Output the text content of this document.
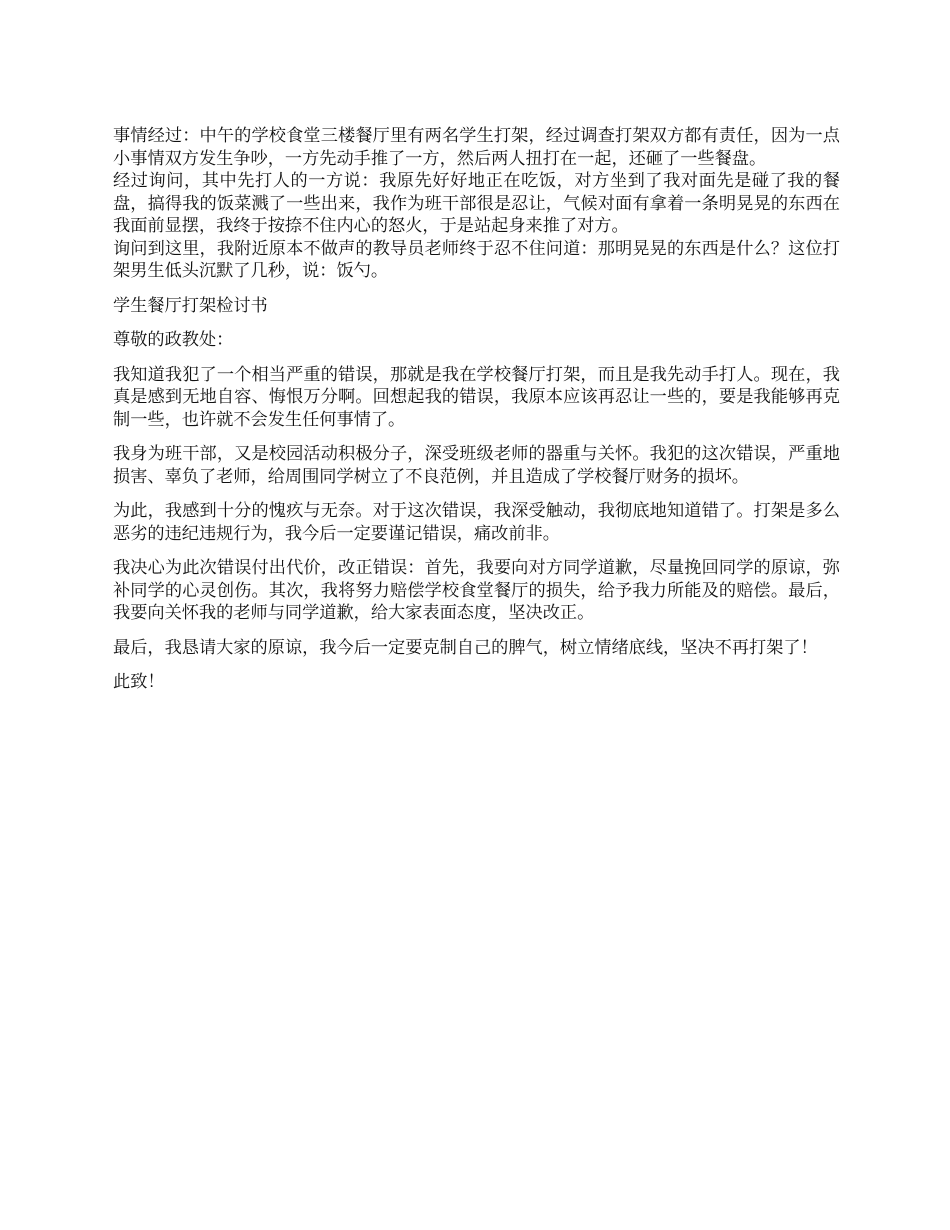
事情经过：中午的学校食堂三楼餐厅里有两名学生打架，经过调查打架双方都有责任，因为一点小事情双方发生争吵，一方先动手推了一方，然后两人扭打在一起，还砸了一些餐盘。

经过询问，其中先打人的一方说：我原先好好地正在吃饭，对方坐到了我对面先是碰了我的餐盘，搞得我的饭菜溅了一些出来，我作为班干部很是忍让，气候对面有拿着一条明晃晃的东西在我面前显摆，我终于按捺不住内心的怒火，于是站起身来推了对方。

询问到这里，我附近原本不做声的教导员老师终于忍不住问道：那明晃晃的东西是什么？这位打架男生低头沉默了几秒，说：饭勺。

学生餐厅打架检讨书

尊敬的政教处：

我知道我犯了一个相当严重的错误，那就是我在学校餐厅打架，而且是我先动手打人。现在，我真是感到无地自容、悔恨万分啊。回想起我的错误，我原本应该再忍让一些的，要是我能够再克制一些，也许就不会发生任何事情了。

我身为班干部，又是校园活动积极分子，深受班级老师的器重与关怀。我犯的这次错误，严重地损害、辜负了老师，给周围同学树立了不良范例，并且造成了学校餐厅财务的损坏。

为此，我感到十分的愧疚与无奈。对于这次错误，我深受触动，我彻底地知道错了。打架是多么恶劣的违纪违规行为，我今后一定要谨记错误，痛改前非。

我决心为此次错误付出代价，改正错误：首先，我要向对方同学道歉，尽量挽回同学的原谅，弥补同学的心灵创伤。其次，我将努力赔偿学校食堂餐厅的损失，给予我力所能及的赔偿。最后，我要向关怀我的老师与同学道歉，给大家表面态度，坚决改正。

最后，我恳请大家的原谅，我今后一定要克制自己的脾气，树立情绪底线，坚决不再打架了！

此致！
